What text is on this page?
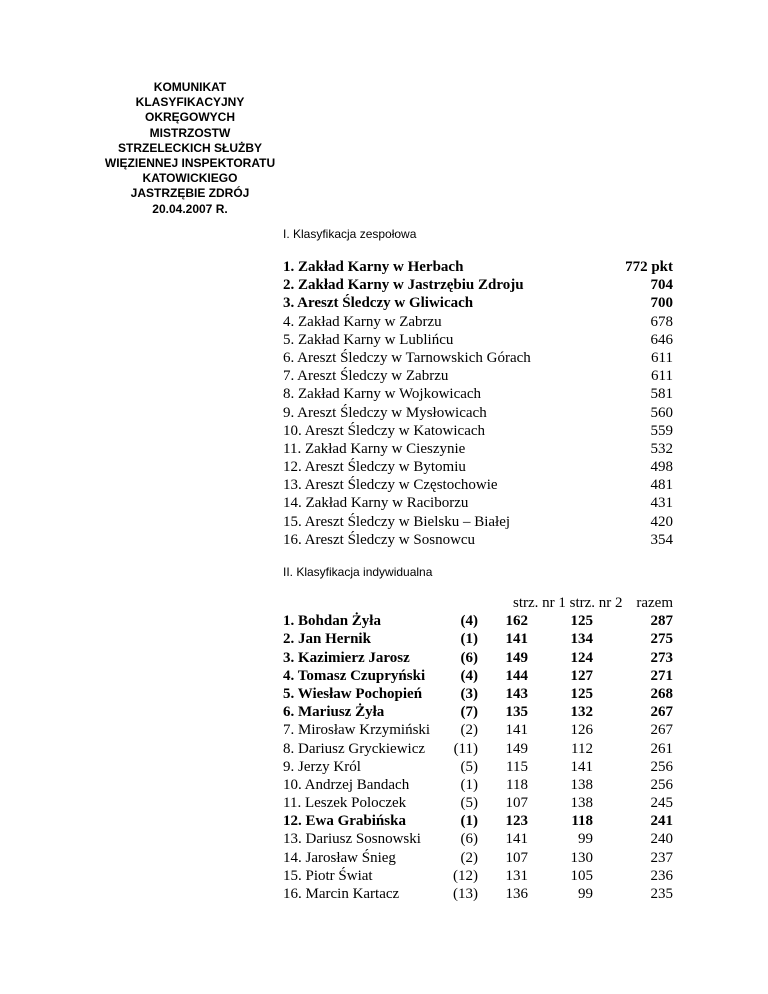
KOMUNIKAT
KLASYFIKACYJNY
OKRĘGOWYCH
MISTRZOSTW
STRZELECKICH SŁUŻBY
WIĘZIENNEJ INSPEKTORATU
KATOWICKIEGO
JASTRZĘBIE ZDRÓJ
20.04.2007 R.
I. Klasyfikacja zespołowa
1. Zakład Karny w Herbach	772 pkt
2. Zakład Karny w Jastrzębiu Zdroju	704
3. Areszt Śledczy w Gliwicach	700
4. Zakład Karny w Zabrzu	678
5. Zakład Karny w Lublińcu	646
6. Areszt Śledczy w Tarnowskich Górach	611
7. Areszt Śledczy w Zabrzu	611
8. Zakład Karny w Wojkowicach	581
9. Areszt Śledczy w Mysłowicach	560
10. Areszt Śledczy w Katowicach	559
11. Zakład Karny w Cieszynie	532
12. Areszt Śledczy w Bytomiu	498
13. Areszt Śledczy w Częstochowie	481
14. Zakład Karny w Raciborzu	431
15. Areszt Śledczy w Bielsku – Białej	420
16. Areszt Śledczy w Sosnowcu	354
II. Klasyfikacja indywidualna
strz. nr 1 strz. nr 2 razem
1. Bohdan Żyła	(4) 162	125	287
2. Jan Hernik	(1) 141	134	275
3. Kazimierz Jarosz	(6) 149	124	273
4. Tomasz Czupryński (4) 144	127	271
5. Wiesław Pochopień	(3) 143	125	268
6. Mariusz Żyła	(7) 135	132	267
7. Mirosław Krzymiński (2) 141	126	267
8. Dariusz Gryckiewicz (11) 149	112	261
9. Jerzy Król	(5) 115	141	256
10. Andrzej Bandach	(1) 118	138	256
11. Leszek Poloczek	(5) 107	138	245
12. Ewa Grabińska	(1) 123	118	241
13. Dariusz Sosnowski	(6) 141	99	240
14. Jarosław Śnieg	(2) 107	130	237
15. Piotr Świat	(12) 131	105	236
16. Marcin Kartacz	(13) 136	99	235
